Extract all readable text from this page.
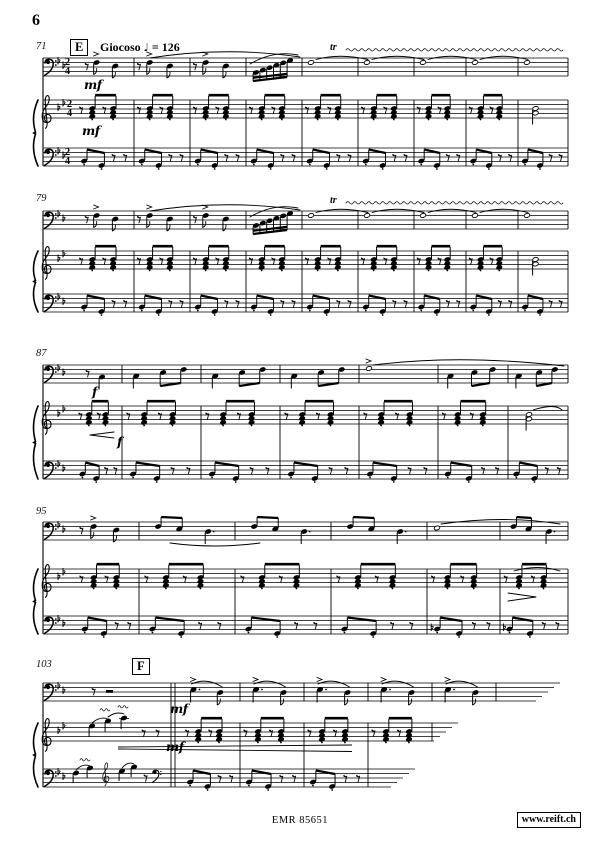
6
71	E	Giocoso ♩ = 126	tr
2
4
2
4
2
4
mf
mf
79	tr
87
f
f
95
103	F
mf
mf
EMR 85651	www.reift.ch
